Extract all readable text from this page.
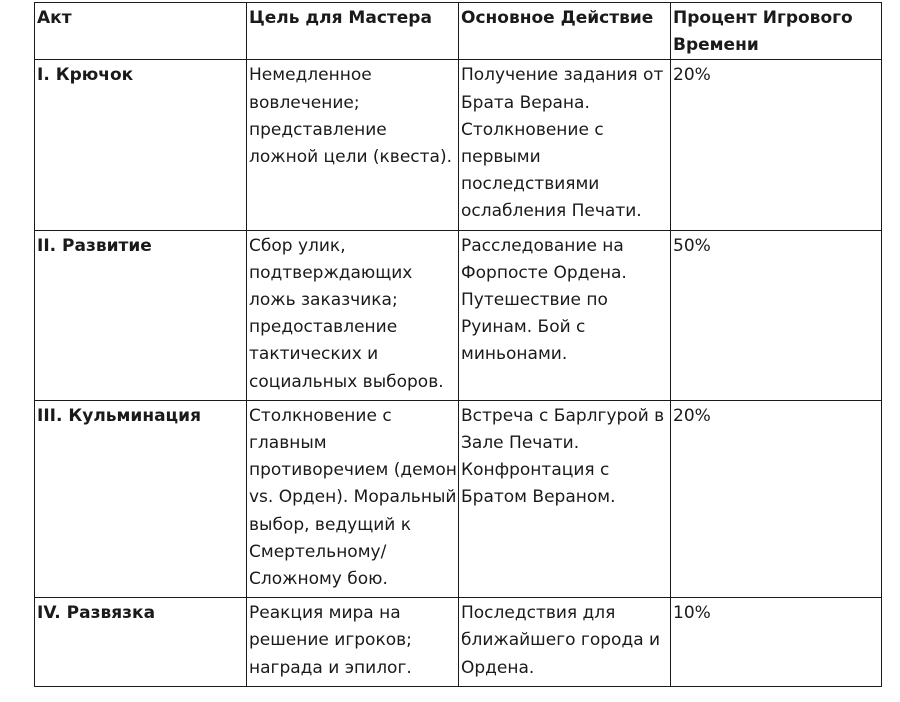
Акт	Цель для Мастера	Основное Действие	Процент Игрового Времени
I. Крючок	Немедленное вовлечение; представление ложной цели (квеста).	Получение задания от Брата Верана. Столкновение с первыми последствиями ослабления Печати.	20%
II. Развитие	Сбор улик, подтверждающих ложь заказчика; предоставление тактических и социальных выборов.	Расследование на Форпосте Ордена. Путешествие по Руинам. Бой с миньонами.	50%
III. Кульминация	Столкновение с главным противоречием (демон vs. Орден). Моральный выбор, ведущий к Смертельному/Сложному бою.	Встреча с Барлгурой в Зале Печати. Конфронтация с Братом Вераном.	20%
IV. Развязка	Реакция мира на решение игроков; награда и эпилог.	Последствия для ближайшего города и Ордена.	10%
